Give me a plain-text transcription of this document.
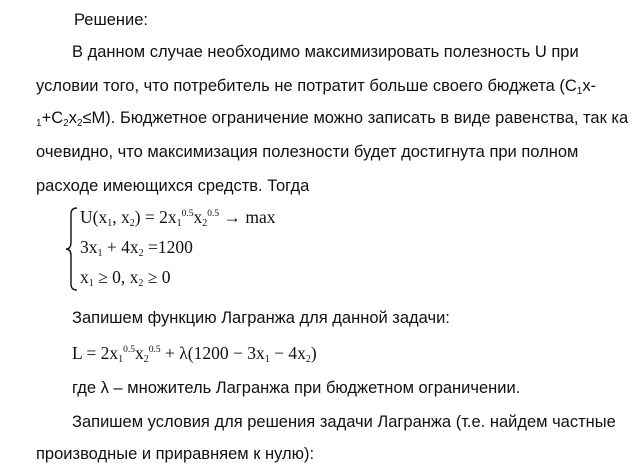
Решение:
В данном случае необходимо максимизировать полезность U при
условии того, что потребитель не потратит больше своего бюджета ($C_1x-$
$_1+C_2x_2\le M$). Бюджетное ограничение можно записать в виде равенства, так ка
очевидно, что максимизация полезности будет достигнута при полном
расходе имеющихся средств. Тогда
$U(x_1$, $x_2) = 2x_1^{0.5}x_2^{0.5} \to \max$
$3x_1 + 4x_2 =1200$
$x_1 \ge 0$, $x_2 \ge 0$
Запишем функцию Лагранжа для данной задачи:
$L = 2x_1^{0.5}x_2^{0.5} + \lambda(1200 - 3x_1 - 4x_2)$
где λ – множитель Лагранжа при бюджетном ограничении.
Запишем условия для решения задачи Лагранжа (т.е. найдем частные
производные и приравняем к нулю):
